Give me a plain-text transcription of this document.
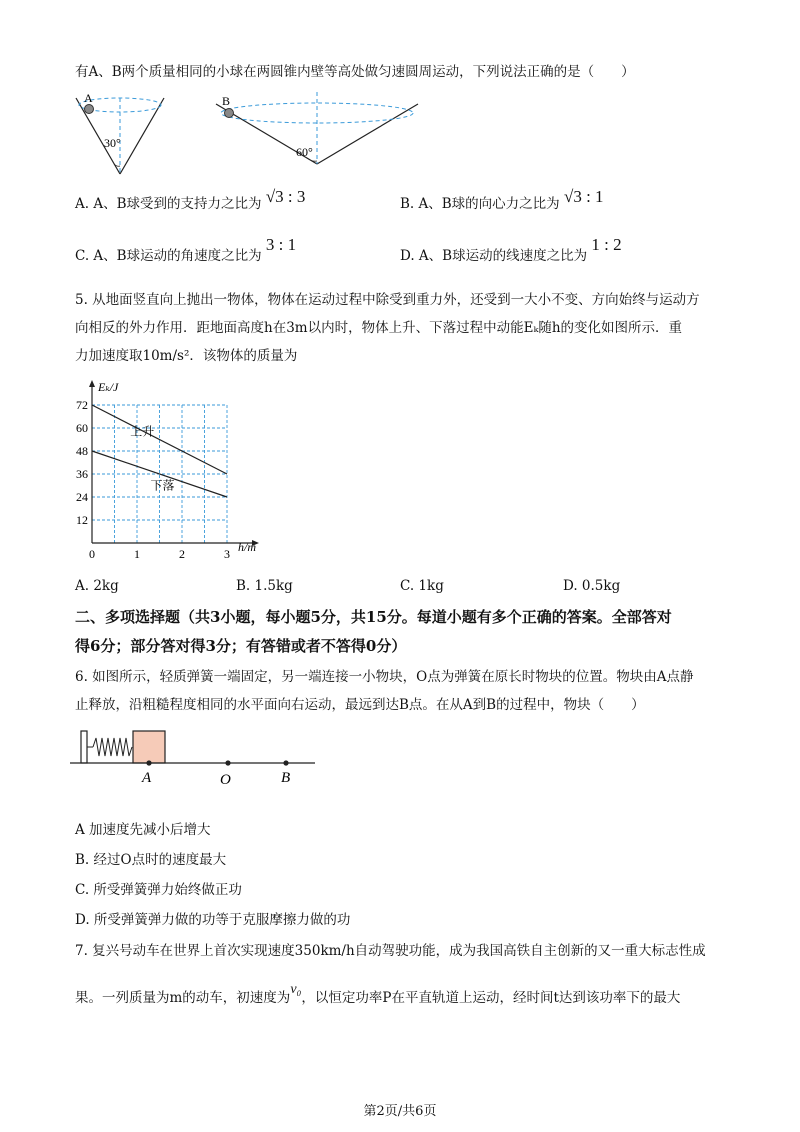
有A、B两个质量相同的小球在两圆锥内壁等高处做匀速圆周运动，下列说法正确的是（　　）
A
30°
B
60°
A. A、B球受到的支持力之比为 √3 : 3	B. A、B球的向心力之比为 √3 : 1
C. A、B球运动的角速度之比为 3 : 1
D. A、B球运动的线速度之比为 1 : 2
5. 从地面竖直向上抛出一物体，物体在运动过程中除受到重力外，还受到一大小不变、方向始终与运动方
向相反的外力作用．距地面高度h在3m以内时，物体上升、下落过程中动能Eₖ随h的变化如图所示．重
力加速度取10m/s²．该物体的质量为
0	1	2	3
12
24
36
48
60
72
Eₖ/J
h/m
上升
下落
A. 2kg	B. 1.5kg	C. 1kg	D. 0.5kg
二、多项选择题（共3小题，每小题5分，共15分。每道小题有多个正确的答案。全部答对
得6分；部分答对得3分；有答错或者不答得0分）
6. 如图所示，轻质弹簧一端固定，另一端连接一小物块，O点为弹簧在原长时物块的位置。物块由A点静
止释放，沿粗糙程度相同的水平面向右运动，最远到达B点。在从A到B的过程中，物块（　　）
A	O	B
A 加速度先减小后增大
B. 经过O点时的速度最大
C. 所受弹簧弹力始终做正功
D. 所受弹簧弹力做的功等于克服摩擦力做的功
7. 复兴号动车在世界上首次实现速度350km/h自动驾驶功能，成为我国高铁自主创新的又一重大标志性成
果。一列质量为m的动车，初速度为v₀，以恒定功率P在平直轨道上运动，经时间t达到该功率下的最大
第2页/共6页
